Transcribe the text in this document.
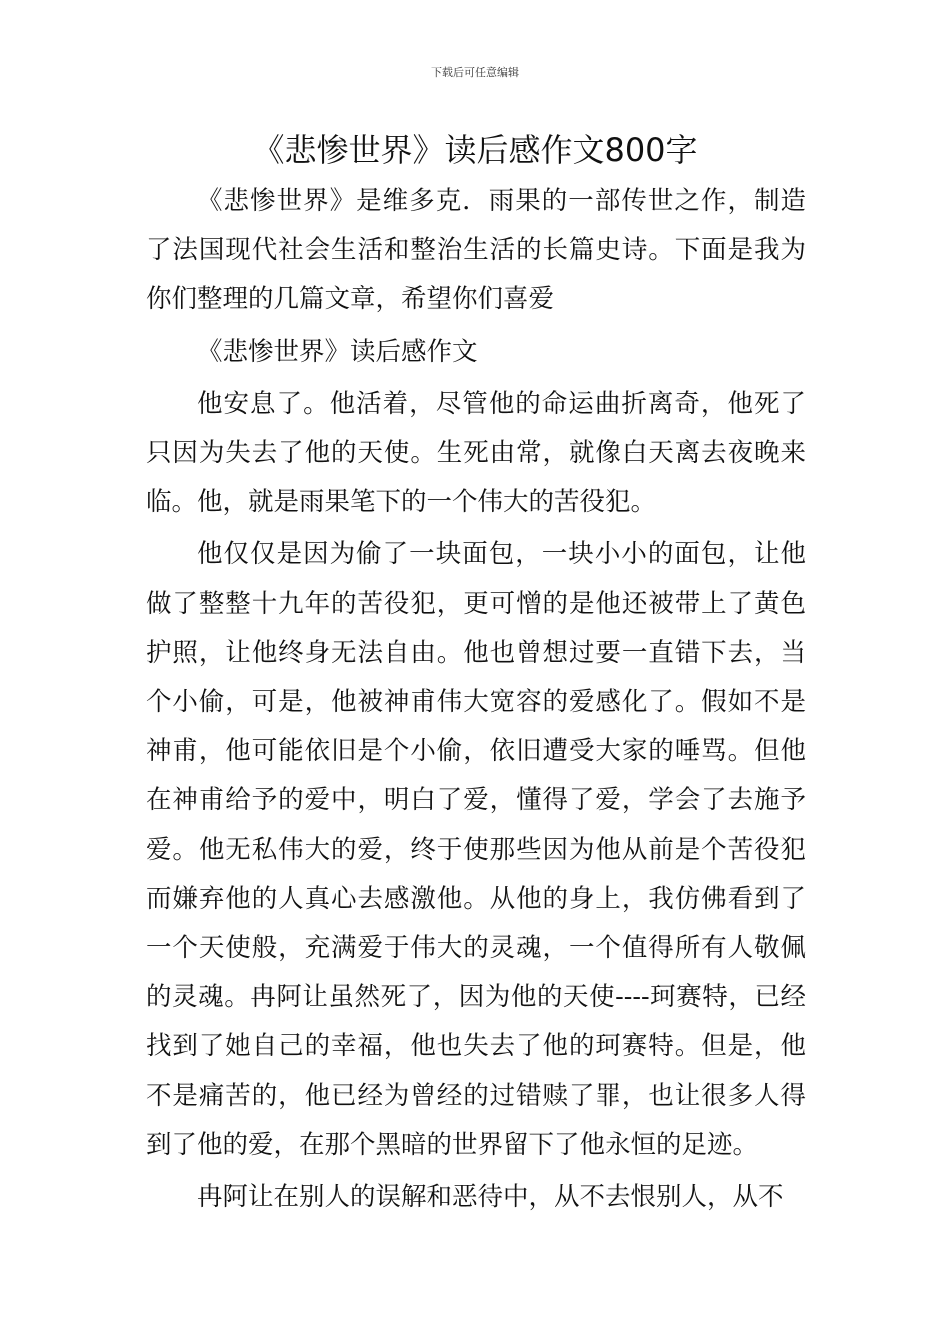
下载后可任意编辑
《悲惨世界》读后感作文800字

《悲惨世界》是维多克．雨果的一部传世之作，制造了法国现代社会生活和整治生活的长篇史诗。下面是我为你们整理的几篇文章，希望你们喜爱

《悲惨世界》读后感作文

他安息了。他活着，尽管他的命运曲折离奇，他死了只因为失去了他的天使。生死由常，就像白天离去夜晚来临。他，就是雨果笔下的一个伟大的苦役犯。

他仅仅是因为偷了一块面包，一块小小的面包，让他做了整整十九年的苦役犯，更可憎的是他还被带上了黄色护照，让他终身无法自由。他也曾想过要一直错下去，当个小偷，可是，他被神甫伟大宽容的爱感化了。假如不是神甫，他可能依旧是个小偷，依旧遭受大家的唾骂。但他在神甫给予的爱中，明白了爱，懂得了爱，学会了去施予爱。他无私伟大的爱，终于使那些因为他从前是个苦役犯而嫌弃他的人真心去感激他。从他的身上，我仿佛看到了一个天使般，充满爱于伟大的灵魂，一个值得所有人敬佩的灵魂。冉阿让虽然死了，因为他的天使----珂赛特，已经找到了她自己的幸福，他也失去了他的珂赛特。但是，他不是痛苦的，他已经为曾经的过错赎了罪，也让很多人得到了他的爱，在那个黑暗的世界留下了他永恒的足迹。

冉阿让在别人的误解和恶待中，从不去恨别人，从不
